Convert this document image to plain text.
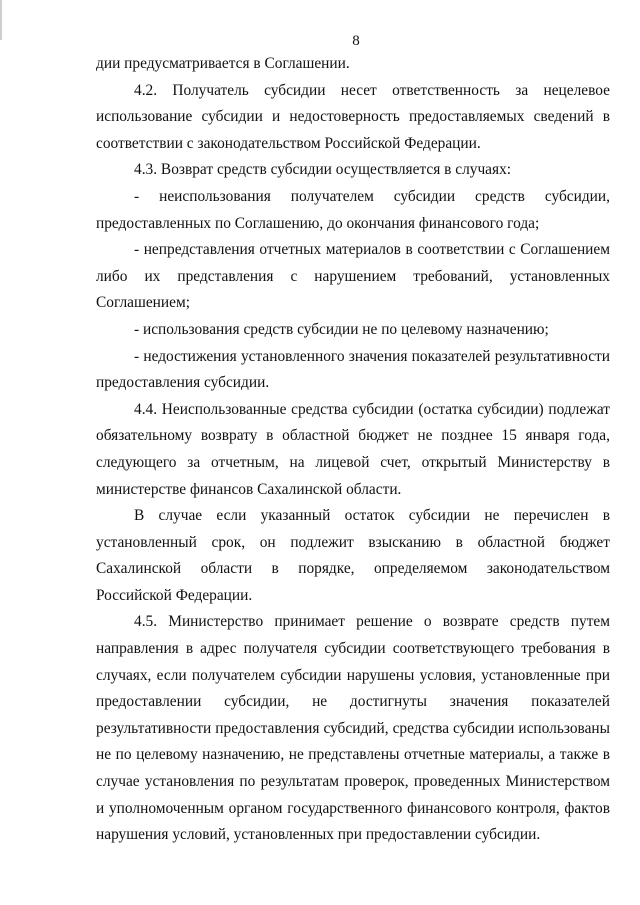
8

дии предусматривается в Соглашении.

4.2. Получатель субсидии несет ответственность за нецелевое использование субсидии и недостоверность предоставляемых сведений в соответствии с законодательством Российской Федерации.

4.3. Возврат средств субсидии осуществляется в случаях:

- неиспользования получателем субсидии средств субсидии, предоставленных по Соглашению, до окончания финансового года;

- непредставления отчетных материалов в соответствии с Соглашением либо их представления с нарушением требований, установленных Соглашением;

- использования средств субсидии не по целевому назначению;

- недостижения установленного значения показателей результативности предоставления субсидии.

4.4. Неиспользованные средства субсидии (остатка субсидии) подлежат обязательному возврату в областной бюджет не позднее 15 января года, следующего за отчетным, на лицевой счет, открытый Министерству в министерстве финансов Сахалинской области.

В случае если указанный остаток субсидии не перечислен в установленный срок, он подлежит взысканию в областной бюджет Сахалинской области в порядке, определяемом законодательством Российской Федерации.

4.5. Министерство принимает решение о возврате средств путем направления в адрес получателя субсидии соответствующего требования в случаях, если получателем субсидии нарушены условия, установленные при предоставлении субсидии, не достигнуты значения показателей результативности предоставления субсидий, средства субсидии использованы не по целевому назначению, не представлены отчетные материалы, а также в случае установления по результатам проверок, проведенных Министерством и уполномоченным органом государственного финансового контроля, фактов нарушения условий, установленных при предоставлении субсидии.
